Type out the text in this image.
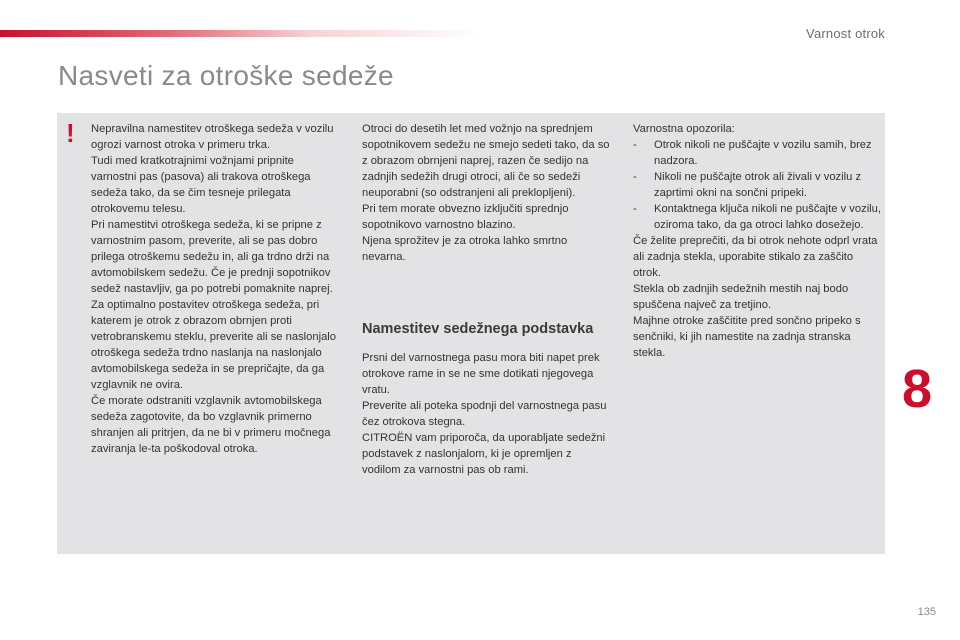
Varnost otrok
Nasveti za otroške sedeže
! Nepravilna namestitev otroškega sedeža v vozilu ogrozi varnost otroka v primeru trka.

Tudi med kratkotrajnimi vožnjami pripnite varnostni pas (pasova) ali trakova otroškega sedeža tako, da se čim tesneje prilegata otrokovemu telesu.

Pri namestitvi otroškega sedeža, ki se pripne z varnostnim pasom, preverite, ali se pas dobro prilega otroškemu sedežu in, ali ga trdno drži na avtomobilskem sedežu. Če je prednji sopotnikov sedež nastavljiv, ga po potrebi pomaknite naprej.

Za optimalno postavitev otroškega sedeža, pri katerem je otrok z obrazom obrnjen proti vetrobranskemu steklu, preverite ali se naslonjalo otroškega sedeža trdno naslanja na naslonjalo avtomobilskega sedeža in se prepričajte, da ga vzglavnik ne ovira.

Če morate odstraniti vzglavnik avtomobilskega sedeža zagotovite, da bo vzglavnik primerno shranjen ali pritrjen, da ne bi v primeru močnega zaviranja le-ta poškodoval otroka.

Otroci do desetih let med vožnjo na sprednjem sopotnikovem sedežu ne smejo sedeti tako, da so z obrazom obrnjeni naprej, razen če sedijo na zadnjih sedežih drugi otroci, ali če so sedeži neuporabni (so odstranjeni ali preklopljeni).

Pri tem morate obvezno izključiti sprednjo sopotnikovo varnostno blazino.

Njena sprožitev je za otroka lahko smrtno nevarna.

Namestitev sedežnega podstavka

Prsni del varnostnega pasu mora biti napet prek otrokove rame in se ne sme dotikati njegovega vratu.

Preverite ali poteka spodnji del varnostnega pasu čez otrokova stegna.

CITROËN vam priporoča, da uporabljate sedežni podstavek z naslonjalom, ki je opremljen z vodilom za varnostni pas ob rami.

Varnostna opozorila:

- Otrok nikoli ne puščajte v vozilu samih, brez nadzora.
- Nikoli ne puščajte otrok ali živali v vozilu z zaprtimi okni na sončni pripeki.
- Kontaktnega ključa nikoli ne puščajte v vozilu, oziroma tako, da ga otroci lahko dosežejo.

Če želite preprečiti, da bi otrok nehote odprl vrata ali zadnja stekla, uporabite stikalo za zaščito otrok.

Stekla ob zadnjih sedežnih mestih naj bodo spuščena največ za tretjino.

Majhne otroke zaščitite pred sončno pripeko s senčniki, ki jih namestite na zadnja stranska stekla.

8
135
